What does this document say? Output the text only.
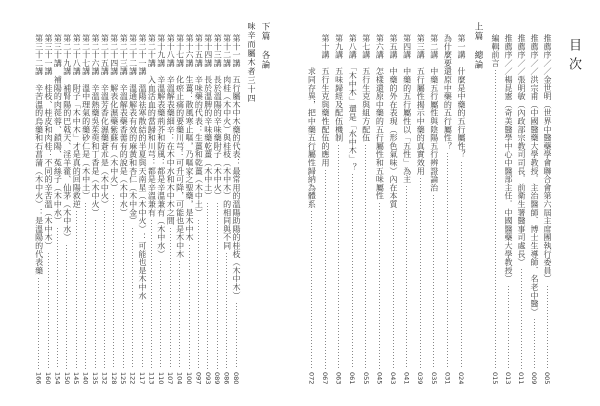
目次
推薦序／／金世明（世界中醫藥學會聯合會第六屆主席團執行委員）
005
推薦序／／洪宗甫（中國醫藥大學教授．主治醫師．博士生導師．名老中醫）
009
推薦序／／張明敏（內政部宗教司司長．前衛生署醫事司處長）
011
推薦序／／楊昆憲（奇美醫學中心中醫部主任．中國醫藥大學教授）
013
編輯前言
015
上篇　總論
第一講　什麼是中藥的五行屬性？
024
為什麼要還原中藥的五行屬性？
031
第二講　中藥五行屬性與陰陽五行辨證論治
035
第三講　五行屬性揭示中藥的真實效用
039
第四講　中藥的五行屬性以「五性」為主
041
第五講　中藥的外在表現（形色氣味）內在本質
043
第六講　怎樣還原中藥的五行屬性和五味屬性
045
第七講　五行生克與組方配伍
055
第八講　「木中木」還是「水中木」？
061
第九講　五味歸經及配伍機制
063
第十講　五行生克與藥性配伍的應用
067
　　　　求同存異，把中藥五行屬性歸納為體系
072
下篇　各論
味辛而屬木者三十四
第十一講　五行屬木中木藥的代表：最常用的溫陽助陽的桂枝（木中木）
080
第十二講　肉桂（木中火）與桂枝（木中木）的相同與不同
086
第十三講　長於溫陽的辛味藥附子（木中火）
089
第十四講　長於溫脾的辛味藥乾薑（木中土）
093
第十五講　辛味藥的代表：生薑和乾薑（木中土）
097
第十六講　生薑：散風寒止嘔，乃嘔家之聖藥，是木中木
100
第十七講　化瘀止痛的要藥川芎：可升可降，可能也是木中木
104
第十八講　辛溫解表藥細辛：在木中水和木中木之間
107
第十九講　辛溫解表藥荊芥和防風：都是辛溫兼有（木中水）
110
第二十講　入血活血的當歸和川芎：都是辛溫兼有
113
第二十一講　溫陽祛寒散結的半夏與天南星（木中火）：可能也是木中水
117
第二十二講　溫通解表有效的麻黃和杏仁（木中金）
122
第二十三講　辛溫解表藥香薷有的說是（木中水）
125
第二十四講　解表化濕藥紫蘇有（木中火）
128
第二十五講　辛溫芳香化濕藥蒼朮是（木中火）
132
第二十六講　辛溫熱藥吳茱萸和丁香是（木中火）
135
第二十七講　溫中理氣的藥砂仁是（木中土）
140
第二十八講　附子「木中木」才是真的回陽救逆
145
第二十九講　補腎陽的巴戟天、淫羊藿、仙茅（木中水）
150
第三十講　補陽的肉蓯蓉、鎖陽、菟絲子（木中水）
154
第三十一講　桂枝、桂皮和肉桂：不同的辛苦溫（木中木）
160
第三十二講　辛苦溫的烏藥和石菖蒲（木中火）：是溫陽的代表藥
166
